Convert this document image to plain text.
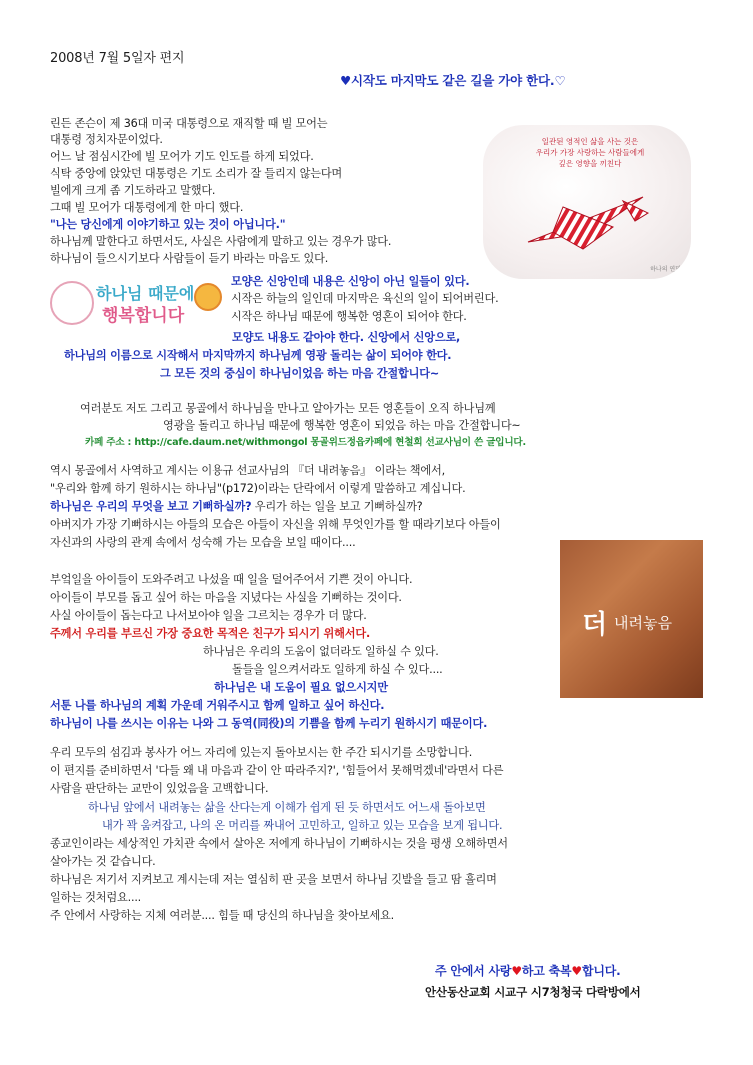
2008년 7월 5일자 편지
♥시작도 마지막도 같은 길을 가야 한다.♡
일관된 영적인 삶을 사는 것은
우리가 가장 사랑하는 사람들에게
깊은 영향을 끼친다
하나의 연말
린든 존슨이 제 36대 미국 대통령으로 재직할 때 빌 모어는
대통령 정치자문이었다.
어느 날 점심시간에 빌 모어가 기도 인도를 하게 되었다.
식탁 중앙에 앉았던 대통령은 기도 소리가 잘 들리지 않는다며
빌에게 크게 좀 기도하라고 말했다.
그때 빌 모어가 대통령에게 한 마디 했다.
"나는 당신에게 이야기하고 있는 것이 아닙니다."
하나님께 말한다고 하면서도, 사실은 사람에게 말하고 있는 경우가 많다.
하나님이 들으시기보다 사람들이 듣기 바라는 마음도 있다.
하나님 때문에
행복합니다
모양은 신앙인데 내용은 신앙이 아닌 일들이 있다.
시작은 하늘의 일인데 마지막은 육신의 일이 되어버린다.
시작은 하나님 때문에 행복한 영혼이 되어야 한다.
모양도 내용도 같아야 한다. 신앙에서 신앙으로,
하나님의 이름으로 시작해서 마지막까지 하나님께 영광 돌리는 삶이 되어야 한다.
그 모든 것의 중심이 하나님이었음 하는 마음 간절합니다~
여러분도 저도 그리고 몽골에서 하나님을 만나고 알아가는 모든 영혼들이 오직 하나님께
영광을 돌리고 하나님 때문에 행복한 영혼이 되었음 하는 마음 간절합니다~
카페 주소 : http://cafe.daum.net/withmongol 몽골위드정읍카페에 현철희 선교사님이 쓴 글입니다.
역시 몽골에서 사역하고 계시는 이용규 선교사님의 『더 내려놓음』 이라는 책에서,
"우리와 함께 하기 원하시는 하나님"(p172)이라는 단락에서 이렇게 말씀하고 계십니다.
하나님은 우리의 무엇을 보고 기뻐하실까? 우리가 하는 일을 보고 기뻐하실까?
아버지가 가장 기뻐하시는 아들의 모습은 아들이 자신을 위해 무엇인가를 할 때라기보다 아들이
자신과의 사랑의 관계 속에서 성숙해 가는 모습을 보일 때이다....
더 내려놓음
부엌일을 아이들이 도와주려고 나섰을 때 일을 덜어주어서 기쁜 것이 아니다.
아이들이 부모를 돕고 싶어 하는 마음을 지녔다는 사실을 기뻐하는 것이다.
사실 아이들이 돕는다고 나서보아야 일을 그르치는 경우가 더 많다.
주께서 우리를 부르신 가장 중요한 목적은 친구가 되시기 위해서다.
하나님은 우리의 도움이 없더라도 일하실 수 있다.
돌들을 일으켜서라도 일하게 하실 수 있다....
하나님은 내 도움이 필요 없으시지만
서툰 나를 하나님의 계획 가운데 거워주시고 함께 일하고 싶어 하신다.
하나님이 나를 쓰시는 이유는 나와 그 동역(同役)의 기쁨을 함께 누리기 원하시기 때문이다.
우리 모두의 섬김과 봉사가 어느 자리에 있는지 돌아보시는 한 주간 되시기를 소망합니다.
이 편지를 준비하면서 '다들 왜 내 마음과 같이 안 따라주지?', '힘들어서 못해먹겠네'라면서 다른
사람을 판단하는 교만이 있었음을 고백합니다.
하나님 앞에서 내려놓는 삶을 산다는게 이해가 쉽게 된 듯 하면서도 어느새 돌아보면
내가 꽉 움켜잡고, 나의 온 머리를 짜내어 고민하고, 일하고 있는 모습을 보게 됩니다.
종교인이라는 세상적인 가치관 속에서 살아온 저에게 하나님이 기뻐하시는 것을 평생 오해하면서
살아가는 것 같습니다.
하나님은 저기서 지켜보고 계시는데 저는 열심히 판 곳을 보면서 하나님 깃발을 들고 땀 흘리며
일하는 것처럼요....
주 안에서 사랑하는 지체 여러분.... 힘들 때 당신의 하나님을 찾아보세요.
주 안에서 사랑♥하고 축복♥합니다.
안산동산교회 시교구 시7청청국 다락방에서
